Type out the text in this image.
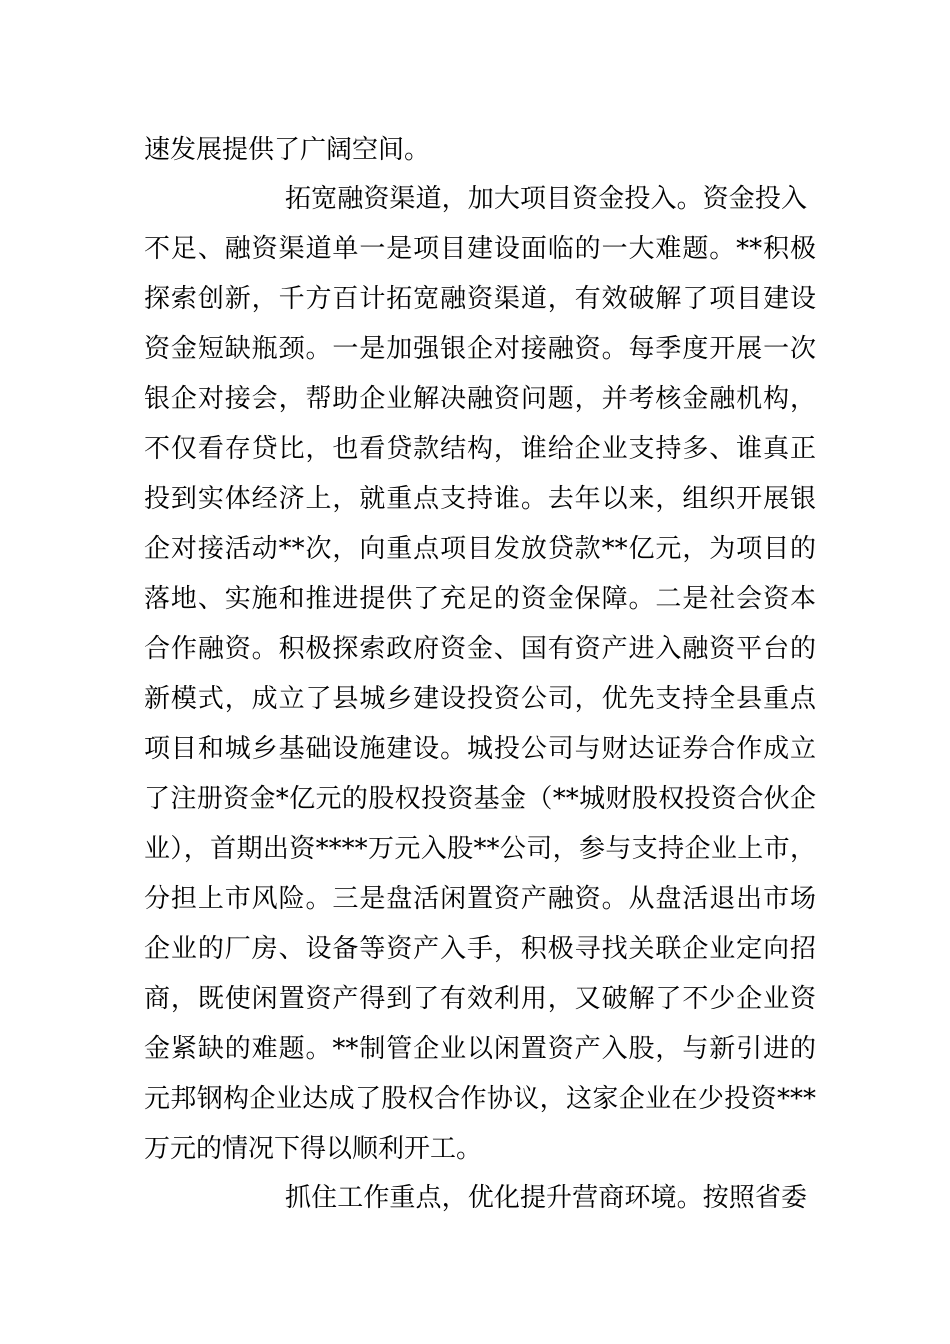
速发展提供了广阔空间。
拓宽融资渠道，加大项目资金投入。资金投入
不足、融资渠道单一是项目建设面临的一大难题。**积极
探索创新，千方百计拓宽融资渠道，有效破解了项目建设
资金短缺瓶颈。一是加强银企对接融资。每季度开展一次
银企对接会，帮助企业解决融资问题，并考核金融机构，
不仅看存贷比，也看贷款结构，谁给企业支持多、谁真正
投到实体经济上，就重点支持谁。去年以来，组织开展银
企对接活动**次，向重点项目发放贷款**亿元，为项目的
落地、实施和推进提供了充足的资金保障。二是社会资本
合作融资。积极探索政府资金、国有资产进入融资平台的
新模式，成立了县城乡建设投资公司，优先支持全县重点
项目和城乡基础设施建设。城投公司与财达证券合作成立
了注册资金*亿元的股权投资基金（**城财股权投资合伙企
业），首期出资****万元入股**公司，参与支持企业上市，
分担上市风险。三是盘活闲置资产融资。从盘活退出市场
企业的厂房、设备等资产入手，积极寻找关联企业定向招
商，既使闲置资产得到了有效利用，又破解了不少企业资
金紧缺的难题。**制管企业以闲置资产入股，与新引进的
元邦钢构企业达成了股权合作协议，这家企业在少投资***
万元的情况下得以顺利开工。
抓住工作重点，优化提升营商环境。按照省委
